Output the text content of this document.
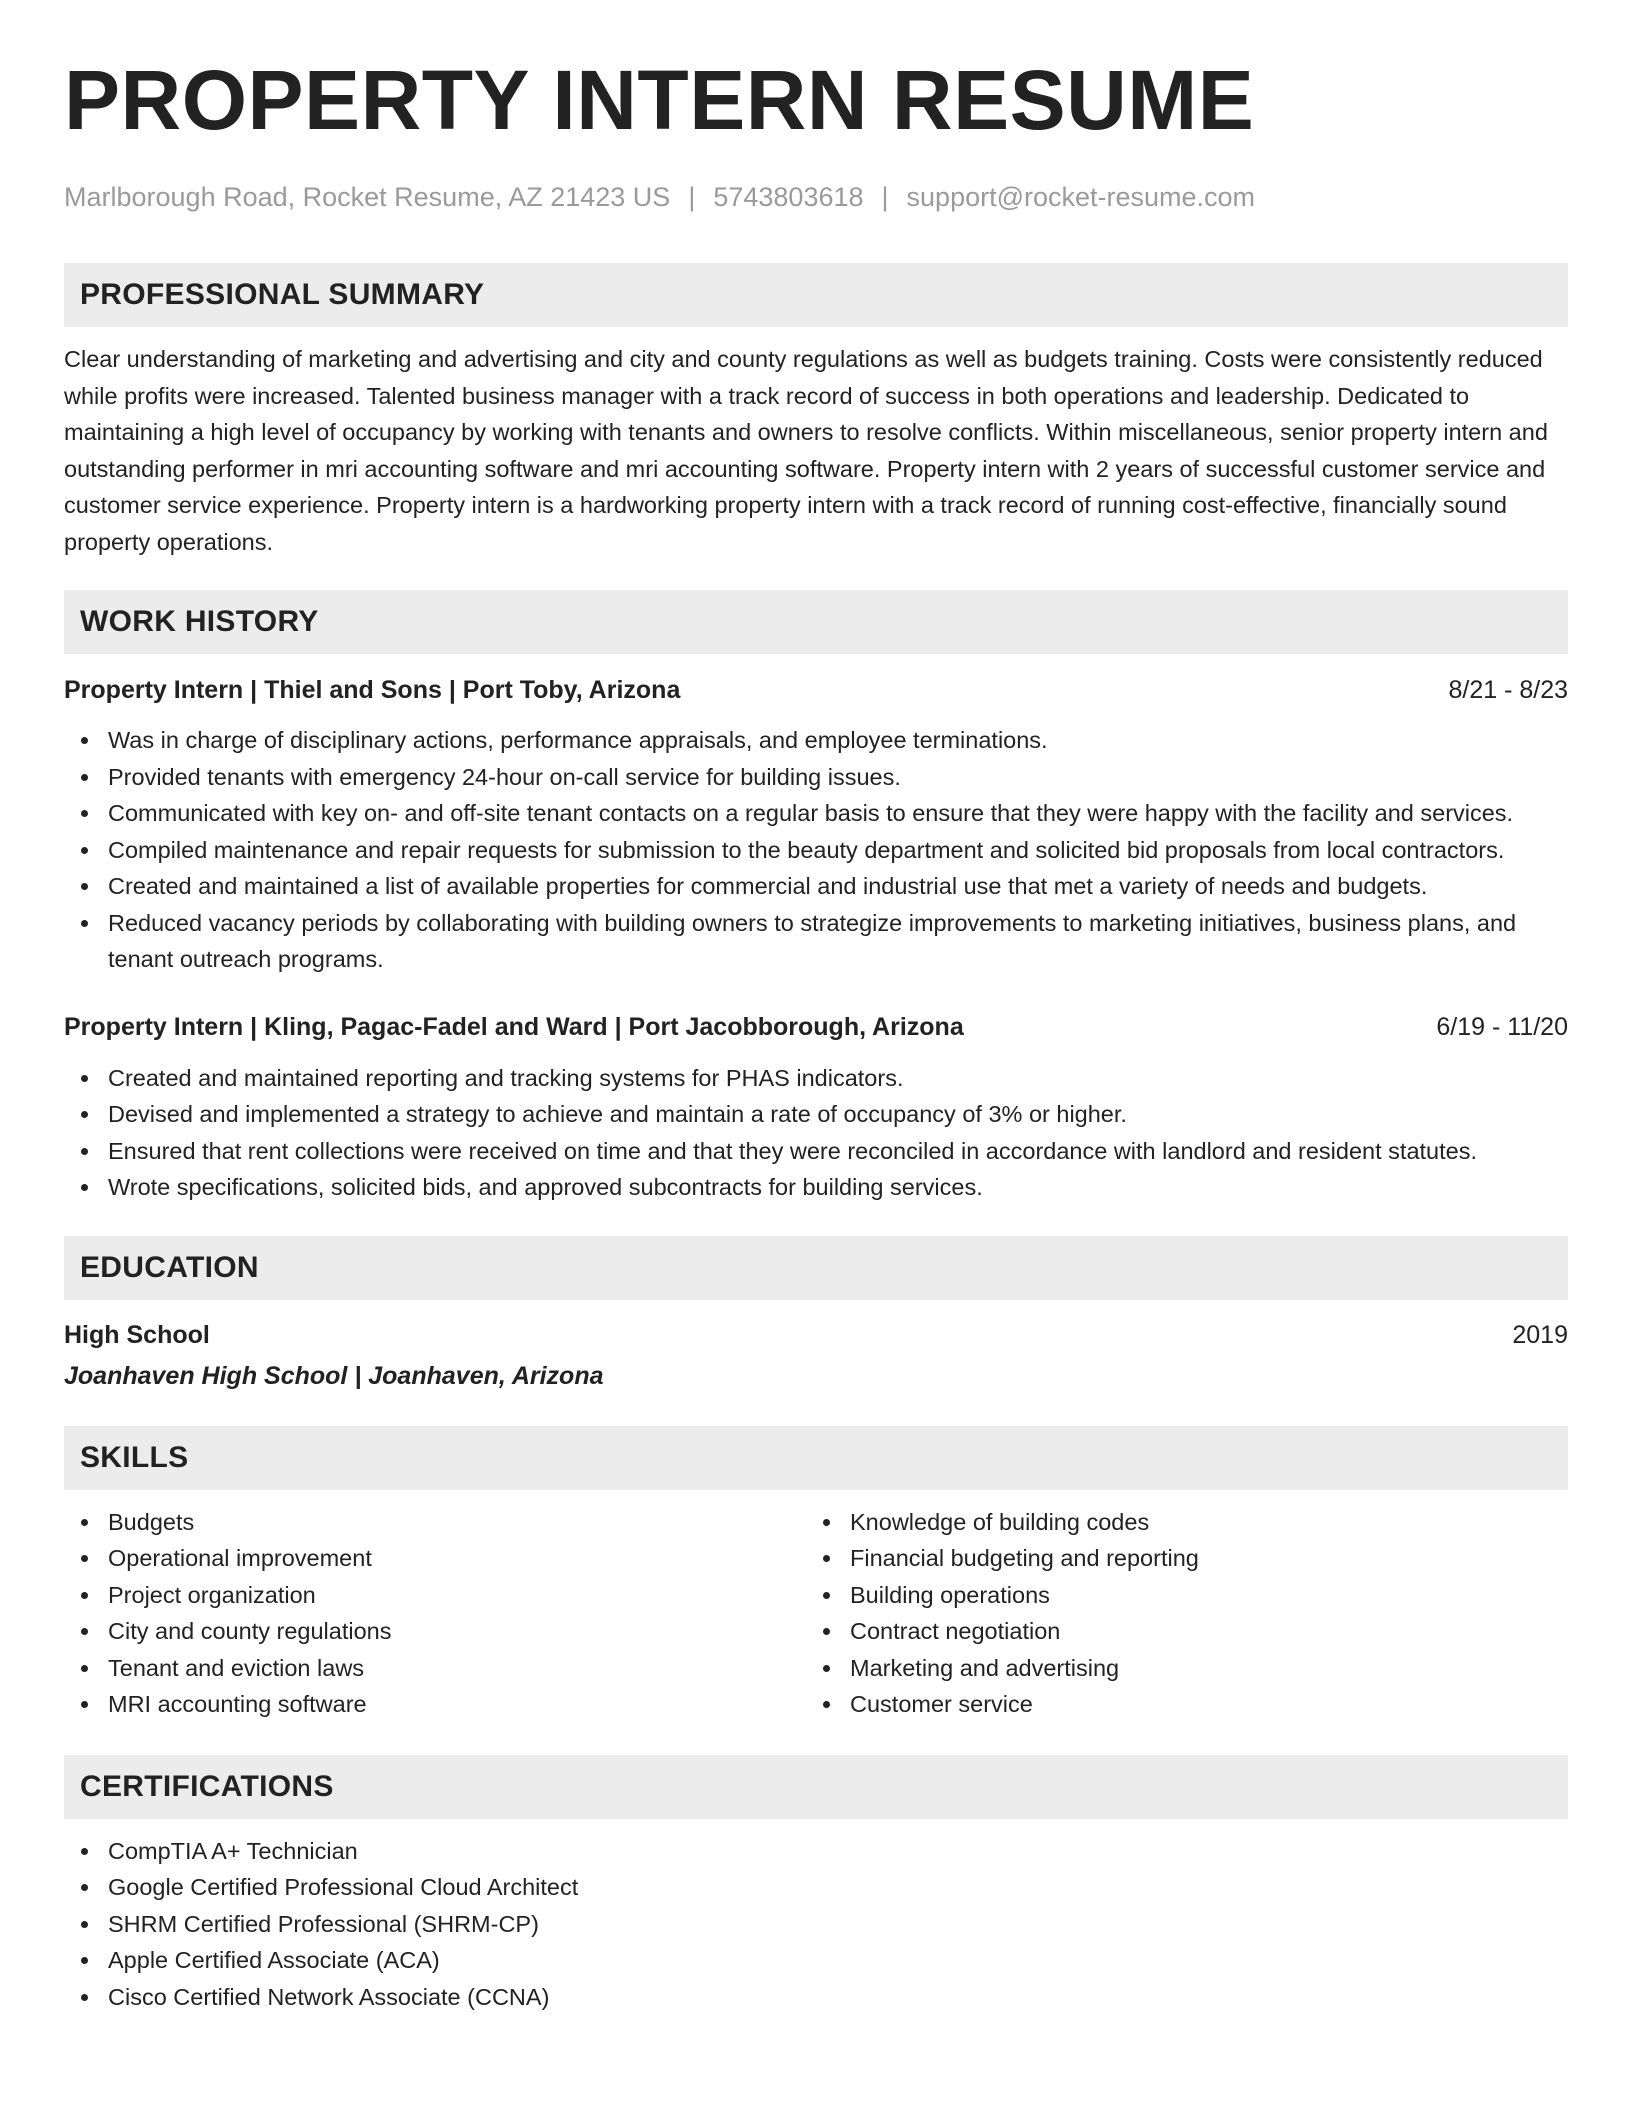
PROPERTY INTERN RESUME
Marlborough Road, Rocket Resume, AZ 21423 US | 5743803618 | support@rocket-resume.com
PROFESSIONAL SUMMARY

Clear understanding of marketing and advertising and city and county regulations as well as budgets training. Costs were consistently reduced while profits were increased. Talented business manager with a track record of success in both operations and leadership. Dedicated to maintaining a high level of occupancy by working with tenants and owners to resolve conflicts. Within miscellaneous, senior property intern and outstanding performer in mri accounting software and mri accounting software. Property intern with 2 years of successful customer service and customer service experience. Property intern is a hardworking property intern with a track record of running cost-effective, financially sound property operations.

WORK HISTORY
Property Intern | Thiel and Sons | Port Toby, Arizona	8/21 - 8/23
Was in charge of disciplinary actions, performance appraisals, and employee terminations.
Provided tenants with emergency 24-hour on-call service for building issues.
Communicated with key on- and off-site tenant contacts on a regular basis to ensure that they were happy with the facility and services.
Compiled maintenance and repair requests for submission to the beauty department and solicited bid proposals from local contractors.
Created and maintained a list of available properties for commercial and industrial use that met a variety of needs and budgets.
Reduced vacancy periods by collaborating with building owners to strategize improvements to marketing initiatives, business plans, and tenant outreach programs.
Property Intern | Kling, Pagac-Fadel and Ward | Port Jacobborough, Arizona	6/19 - 11/20
Created and maintained reporting and tracking systems for PHAS indicators.
Devised and implemented a strategy to achieve and maintain a rate of occupancy of 3% or higher.
Ensured that rent collections were received on time and that they were reconciled in accordance with landlord and resident statutes.
Wrote specifications, solicited bids, and approved subcontracts for building services.
EDUCATION
High School	2019
Joanhaven High School | Joanhaven, Arizona
SKILLS
Budgets
Operational improvement
Project organization
City and county regulations
Tenant and eviction laws
MRI accounting software
Knowledge of building codes
Financial budgeting and reporting
Building operations
Contract negotiation
Marketing and advertising
Customer service
CERTIFICATIONS
CompTIA A+ Technician
Google Certified Professional Cloud Architect
SHRM Certified Professional (SHRM-CP)
Apple Certified Associate (ACA)
Cisco Certified Network Associate (CCNA)
